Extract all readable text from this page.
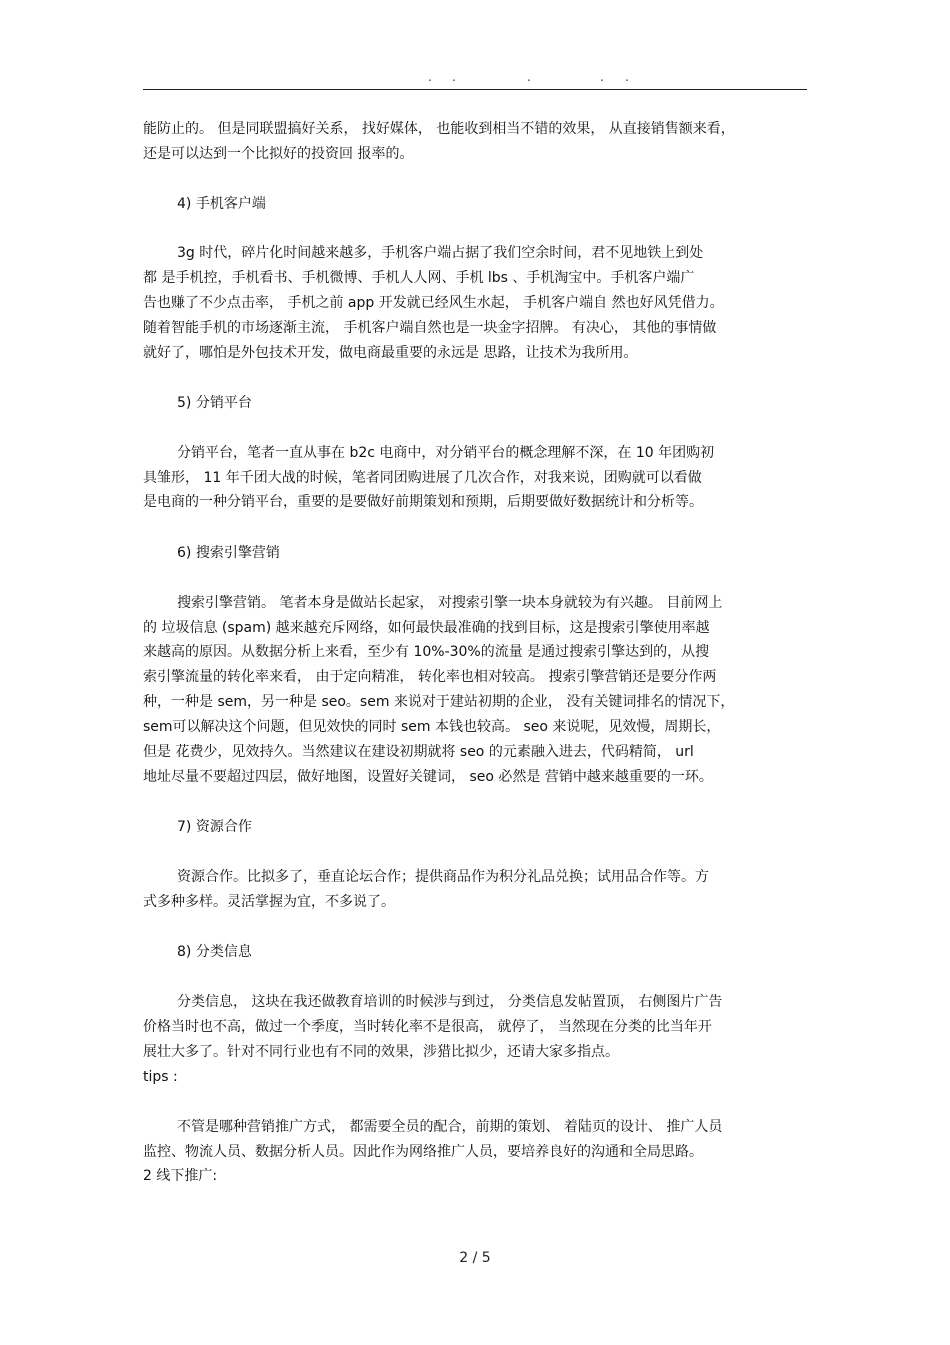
. .	.	. .
能防止的。 但是同联盟搞好关系， 找好媒体， 也能收到相当不错的效果， 从直接销售额来看，
还是可以达到一个比拟好的投资回 报率的。
4) 手机客户端
3g 时代，碎片化时间越来越多，手机客户端占据了我们空余时间，君不见地铁上到处
都 是手机控，手机看书、手机微博、手机人人网、手机 lbs 、手机淘宝中。手机客户端广
告也赚了不少点击率， 手机之前 app 开发就已经风生水起， 手机客户端自 然也好风凭借力。
随着智能手机的市场逐渐主流， 手机客户端自然也是一块金字招牌。 有决心， 其他的事情做
就好了，哪怕是外包技术开发，做电商最重要的永远是 思路，让技术为我所用。
5) 分销平台
分销平台，笔者一直从事在 b2c 电商中，对分销平台的概念理解不深，在 10 年团购初
具雏形， 11 年千团大战的时候，笔者同团购进展了几次合作，对我来说，团购就可以看做
是电商的一种分销平台，重要的是要做好前期策划和预期，后期要做好数据统计和分析等。
6) 搜索引擎营销
搜索引擎营销。 笔者本身是做站长起家， 对搜索引擎一块本身就较为有兴趣。 目前网上
的 垃圾信息 (spam) 越来越充斥网络，如何最快最准确的找到目标，这是搜索引擎使用率越
来越高的原因。从数据分析上来看，至少有 10%-30%的流量 是通过搜索引擎达到的，从搜
索引擎流量的转化率来看， 由于定向精准， 转化率也相对较高。 搜索引擎营销还是要分作两
种，一种是 sem，另一种是 seo。sem 来说对于建站初期的企业， 没有关键词排名的情况下，
sem可以解决这个问题，但见效快的同时 sem 本钱也较高。 seo 来说呢，见效慢，周期长，
但是 花费少，见效持久。当然建议在建设初期就将 seo 的元素融入进去，代码精简， url
地址尽量不要超过四层，做好地图，设置好关键词， seo 必然是 营销中越来越重要的一环。
7) 资源合作
资源合作。比拟多了，垂直论坛合作；提供商品作为积分礼品兑换；试用品合作等。方
式多种多样。灵活掌握为宜，不多说了。
8) 分类信息
分类信息， 这块在我还做教育培训的时候涉与到过， 分类信息发帖置顶， 右侧图片广告
价格当时也不高，做过一个季度，当时转化率不是很高， 就停了， 当然现在分类的比当年开
展壮大多了。针对不同行业也有不同的效果，涉猎比拟少，还请大家多指点。
tips :
不管是哪种营销推广方式， 都需要全员的配合，前期的策划、 着陆页的设计、 推广人员
监控、物流人员、数据分析人员。因此作为网络推广人员，要培养良好的沟通和全局思路。
2 线下推广:
2 / 5
